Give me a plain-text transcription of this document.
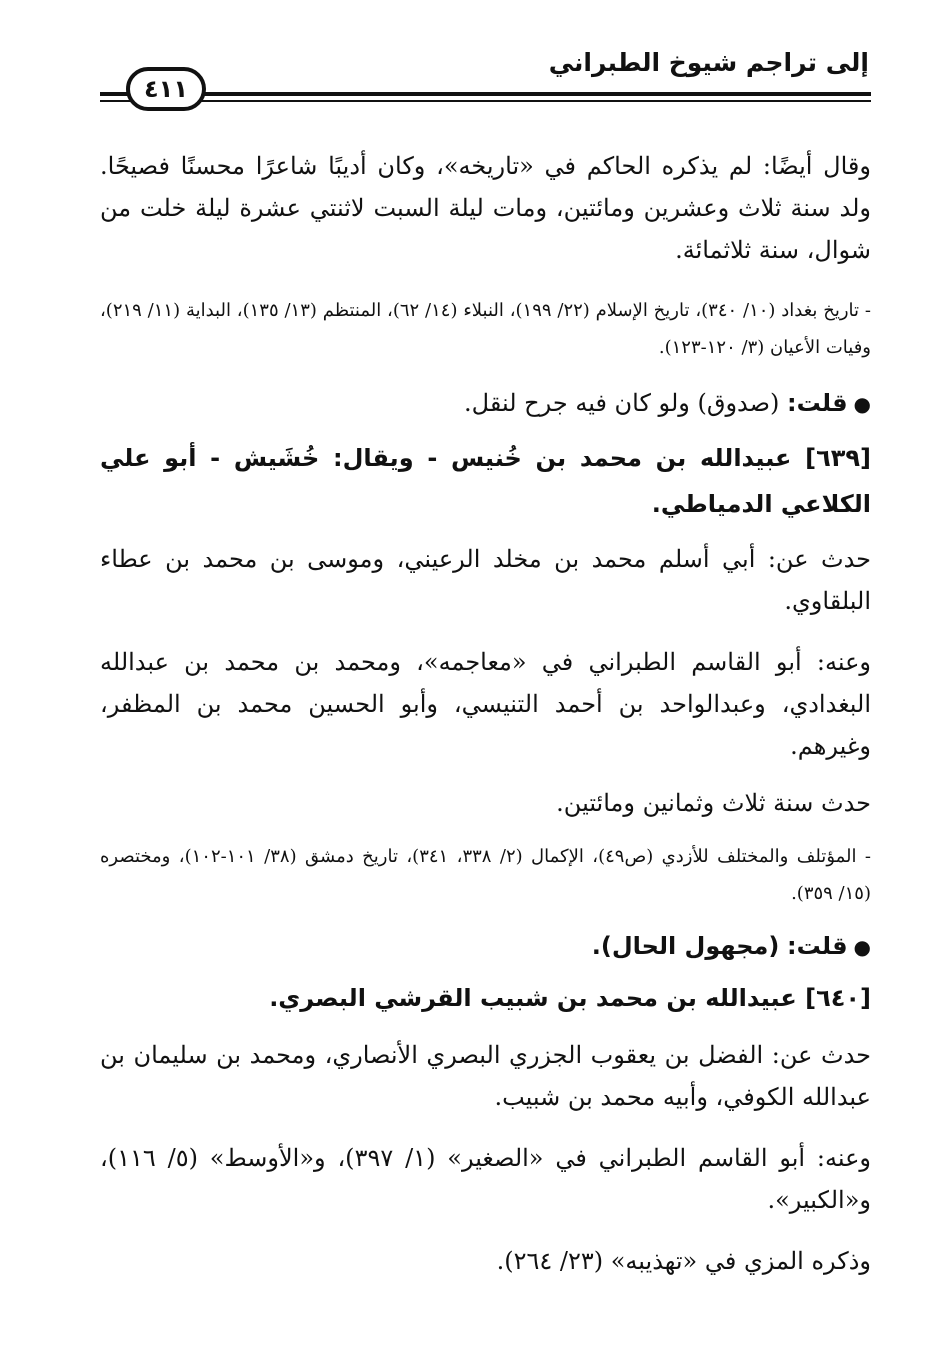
إلى تراجم شيوخ الطبراني
٤١١
وقال أيضًا: لم يذكره الحاكم في «تاريخه»، وكان أديبًا شاعرًا محسنًا فصيحًا. ولد سنة ثلاث وعشرين ومائتين، ومات ليلة السبت لاثنتي عشرة ليلة خلت من شوال، سنة ثلاثمائة.
- تاريخ بغداد (١٠/ ٣٤٠)، تاريخ الإسلام (٢٢/ ١٩٩)، النبلاء (١٤/ ٦٢)، المنتظم (١٣/ ١٣٥)، البداية (١١/ ٢١٩)، وفيات الأعيان (٣/ ١٢٠-١٢٣).
●قلت: (صدوق) ولو كان فيه جرح لنقل.
[٦٣٩] عبيدالله بن محمد بن خُنيس - ويقال: خُشَيش - أبو علي الكلاعي الدمياطي.
حدث عن: أبي أسلم محمد بن مخلد الرعيني، وموسى بن محمد بن عطاء البلقاوي.
وعنه: أبو القاسم الطبراني في «معاجمه»، ومحمد بن محمد بن عبدالله البغدادي، وعبدالواحد بن أحمد التنيسي، وأبو الحسين محمد بن المظفر، وغيرهم.
حدث سنة ثلاث وثمانين ومائتين.
- المؤتلف والمختلف للأزدي (ص٤٩)، الإكمال (٢/ ٣٣٨، ٣٤١)، تاريخ دمشق (٣٨/ ١٠١-١٠٢)، ومختصره (١٥/ ٣٥٩).
●قلت: (مجهول الحال).
[٦٤٠] عبيدالله بن محمد بن شبيب القرشي البصري.
حدث عن: الفضل بن يعقوب الجزري البصري الأنصاري، ومحمد بن سليمان بن عبدالله الكوفي، وأبيه محمد بن شبيب.
وعنه: أبو القاسم الطبراني في «الصغير» (١/ ٣٩٧)، و«الأوسط» (٥/ ١١٦)، و«الكبير».
وذكره المزي في «تهذيبه» (٢٣/ ٢٦٤).
